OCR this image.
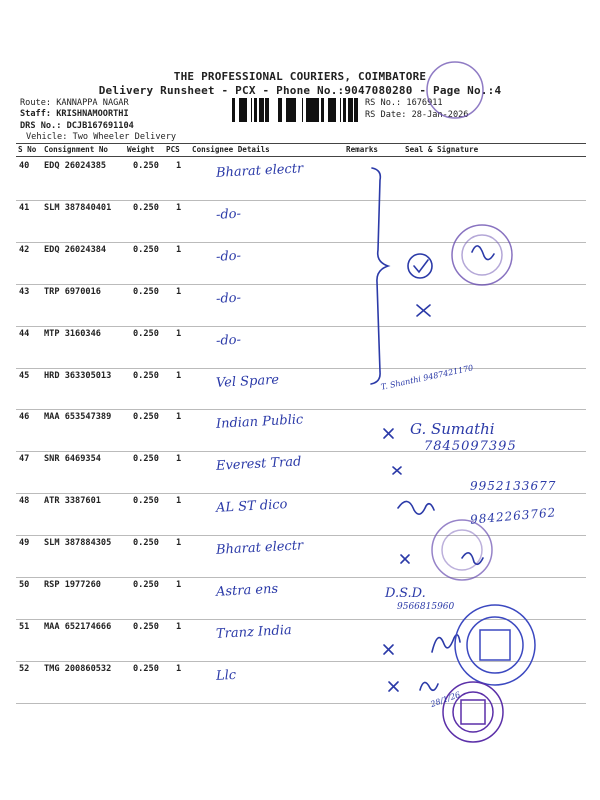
THE PROFESSIONAL COURIERS, COIMBATORE
Delivery Runsheet - PCX - Phone No.:9047080280 - Page No.:4
Route: KANNAPPA NAGAR
Staff: KRISHNAMOORTHI
DRS No.: DCJB167691104
Vehicle: Two Wheeler Delivery
RS No.: 1676911
RS Date: 28-Jan-2026
S No Consignment No Weight PCS Consignee Details	Remarks	Seal & Signature
40 EDQ 26024385	0.250 1	Bharat electr
41 SLM 387840401	0.250 1	-do-
42 EDQ 26024384	0.250 1	-do-
43 TRP 6970016	0.250 1	-do-
44 MTP 3160346	0.250 1	-do-
45 HRD 363305013	0.250 1	Vel Spare
46 MAA 653547389	0.250 1	Indian Public
47 SNR 6469354	0.250 1	Everest Trad
48 ATR 3387601	0.250 1	AL ST dico
49 SLM 387884305	0.250 1	Bharat electr
50 RSP 1977260	0.250 1	Astra ens
51 MAA 652174666	0.250 1	Tranz India
52 TMG 200860532	0.250 1	Llc
T. Shanthi 9487421170
G. Sumathi
7845097395
9952133677
9842263762
D.S.D.
9566815960
28/1/26
